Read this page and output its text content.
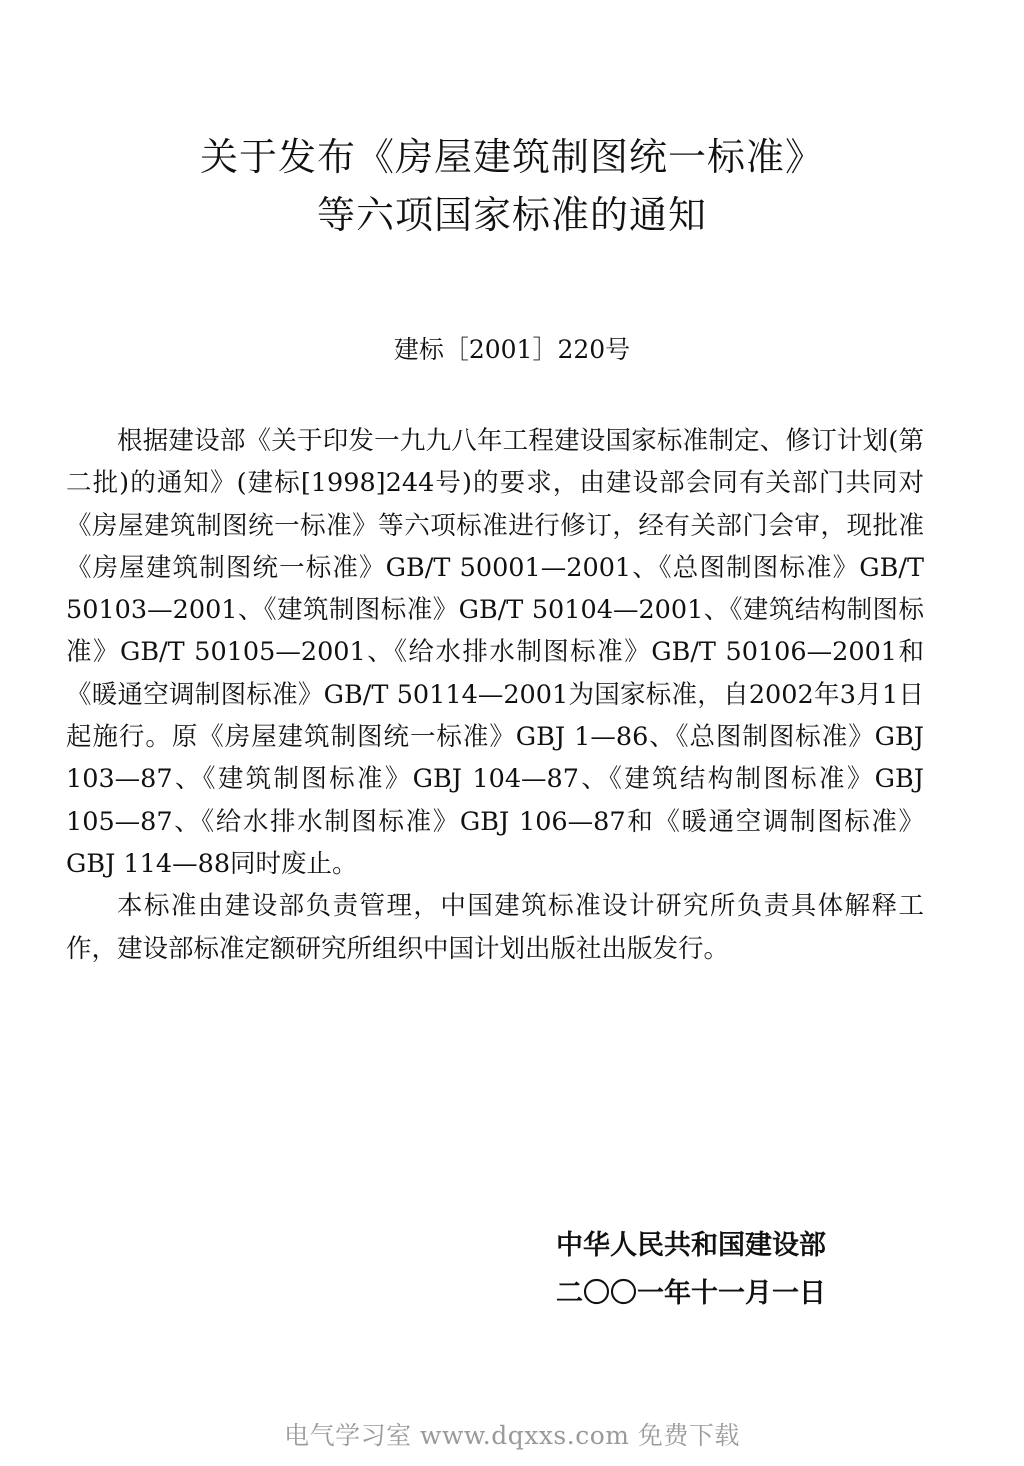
关于发布《房屋建筑制图统一标准》
等六项国家标准的通知
建标［2001］220号

根据建设部《关于印发一九九八年工程建设国家标准制定、修订计划(第二批)的通知》(建标[1998]244号)的要求，由建设部会同有关部门共同对《房屋建筑制图统一标准》等六项标准进行修订，经有关部门会审，现批准《房屋建筑制图统一标准》GB/T 50001—2001、《总图制图标准》GB/T 50103—2001、《建筑制图标准》GB/T 50104—2001、《建筑结构制图标准》GB/T 50105—2001、《给水排水制图标准》GB/T 50106—2001和《暖通空调制图标准》GB/T 50114—2001为国家标准，自2002年3月1日起施行。原《房屋建筑制图统一标准》GBJ 1—86、《总图制图标准》GBJ 103—87、《建筑制图标准》GBJ 104—87、《建筑结构制图标准》GBJ 105—87、《给水排水制图标准》GBJ 106—87和《暖通空调制图标准》GBJ 114—88同时废止。

本标准由建设部负责管理，中国建筑标准设计研究所负责具体解释工作，建设部标准定额研究所组织中国计划出版社出版发行。

中华人民共和国建设部
二〇〇一年十一月一日
电气学习室 www.dqxxs.com 免费下载
